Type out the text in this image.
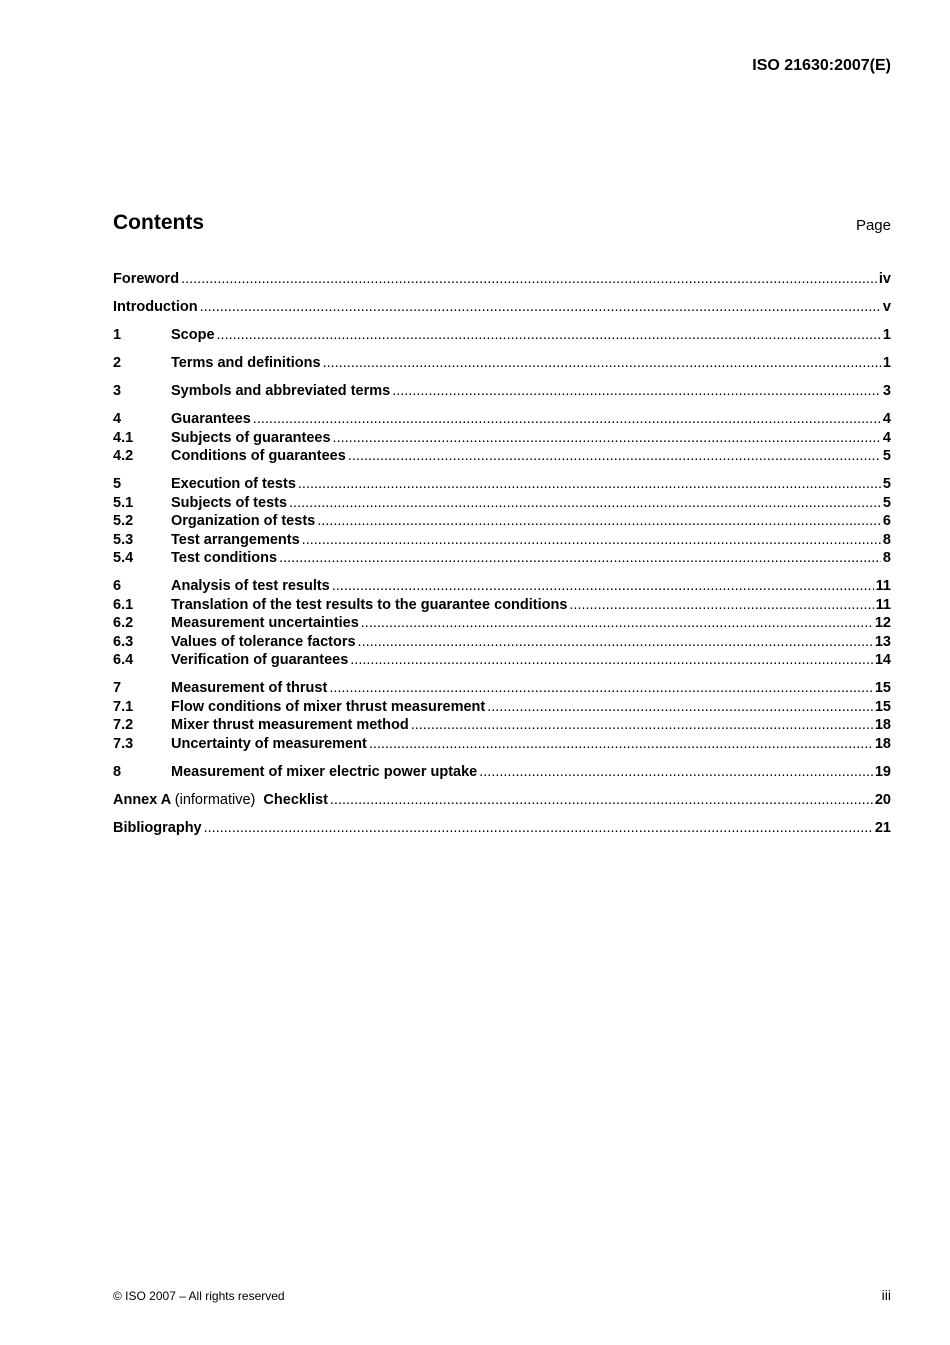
ISO 21630:2007(E)
Contents	Page
Foreword .....	iv
Introduction .....	v
1	Scope .....	1
2	Terms and definitions .....	1
3	Symbols and abbreviated terms .....	3
4	Guarantees .....	4
4.1	Subjects of guarantees .....	4
4.2	Conditions of guarantees .....	5
5	Execution of tests .....	5
5.1	Subjects of tests .....	5
5.2	Organization of tests .....	6
5.3	Test arrangements .....	8
5.4	Test conditions .....	8
6	Analysis of test results .....	11
6.1	Translation of the test results to the guarantee conditions .....	11
6.2	Measurement uncertainties .....	12
6.3	Values of tolerance factors .....	13
6.4	Verification of guarantees .....	14
7	Measurement of thrust .....	15
7.1	Flow conditions of mixer thrust measurement .....	15
7.2	Mixer thrust measurement method .....	18
7.3	Uncertainty of measurement .....	18
8	Measurement of mixer electric power uptake .....	19
Annex A (informative) Checklist .....	20
Bibliography .....	21
© ISO 2007 – All rights reserved	iii
